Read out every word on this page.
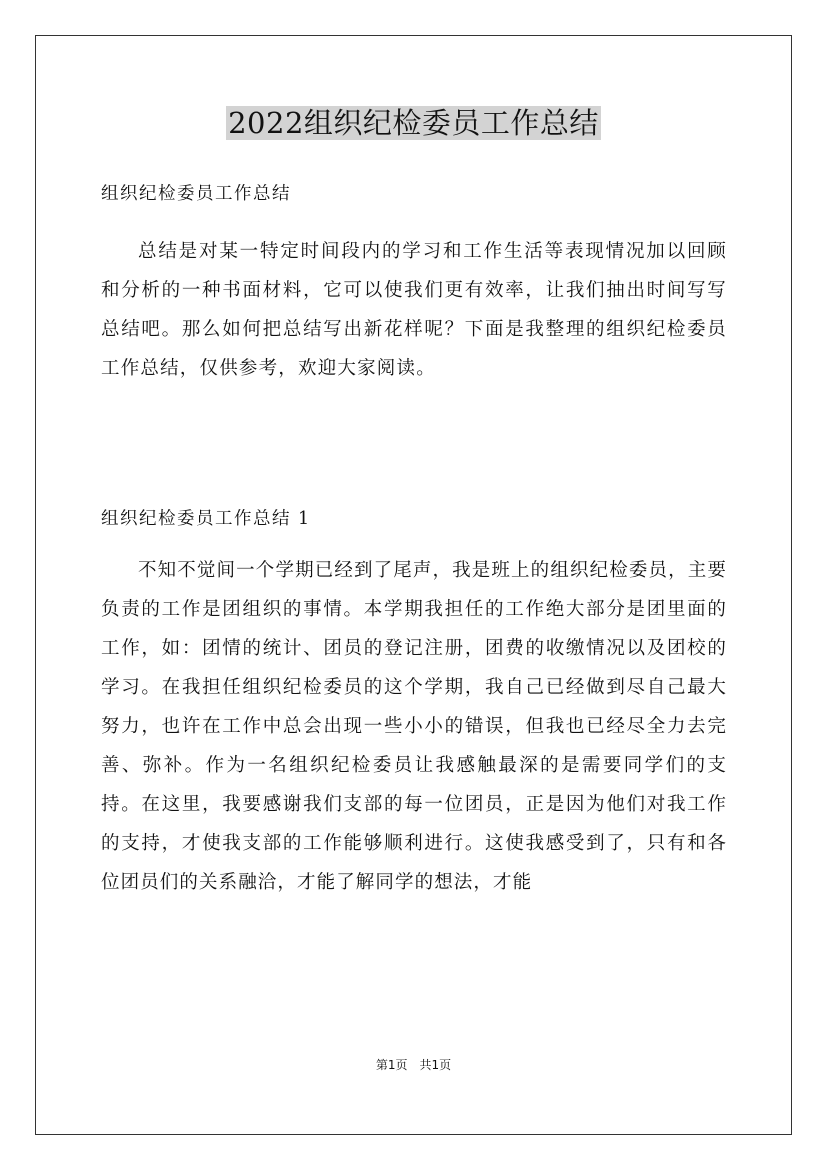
2022组织纪检委员工作总结
组织纪检委员工作总结

总结是对某一特定时间段内的学习和工作生活等表现情况加以回顾和分析的一种书面材料，它可以使我们更有效率，让我们抽出时间写写总结吧。那么如何把总结写出新花样呢？下面是我整理的组织纪检委员工作总结，仅供参考，欢迎大家阅读。

组织纪检委员工作总结 1

不知不觉间一个学期已经到了尾声，我是班上的组织纪检委员，主要负责的工作是团组织的事情。本学期我担任的工作绝大部分是团里面的工作，如：团情的统计、团员的登记注册，团费的收缴情况以及团校的学习。在我担任组织纪检委员的这个学期，我自己已经做到尽自己最大努力，也许在工作中总会出现一些小小的错误，但我也已经尽全力去完善、弥补。作为一名组织纪检委员让我感触最深的是需要同学们的支持。在这里，我要感谢我们支部的每一位团员，正是因为他们对我工作的支持，才使我支部的工作能够顺利进行。这使我感受到了，只有和各位团员们的关系融洽，才能了解同学的想法，才能

第1页　共1页
